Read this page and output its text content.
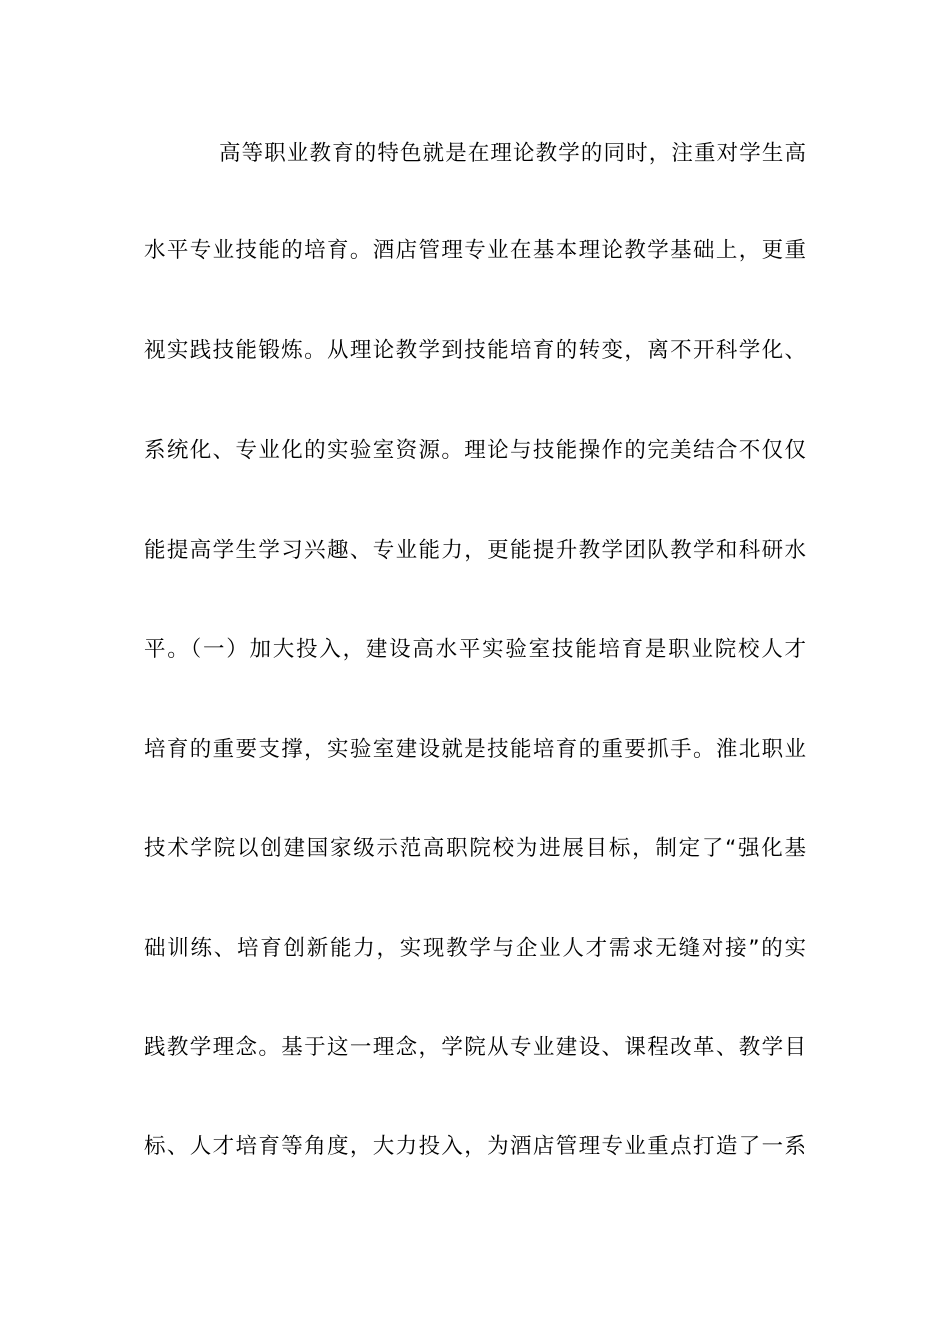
高等职业教育的特色就是在理论教学的同时，注重对学生高
水平专业技能的培育。酒店管理专业在基本理论教学基础上，更重
视实践技能锻炼。从理论教学到技能培育的转变，离不开科学化、
系统化、专业化的实验室资源。理论与技能操作的完美结合不仅仅
能提高学生学习兴趣、专业能力，更能提升教学团队教学和科研水
平。（一）加大投入，建设高水平实验室技能培育是职业院校人才
培育的重要支撑，实验室建设就是技能培育的重要抓手。淮北职业
技术学院以创建国家级示范高职院校为进展目标，制定了“强化基
础训练、培育创新能力，实现教学与企业人才需求无缝对接”的实
践教学理念。基于这一理念，学院从专业建设、课程改革、教学目
标、人才培育等角度，大力投入，为酒店管理专业重点打造了一系
